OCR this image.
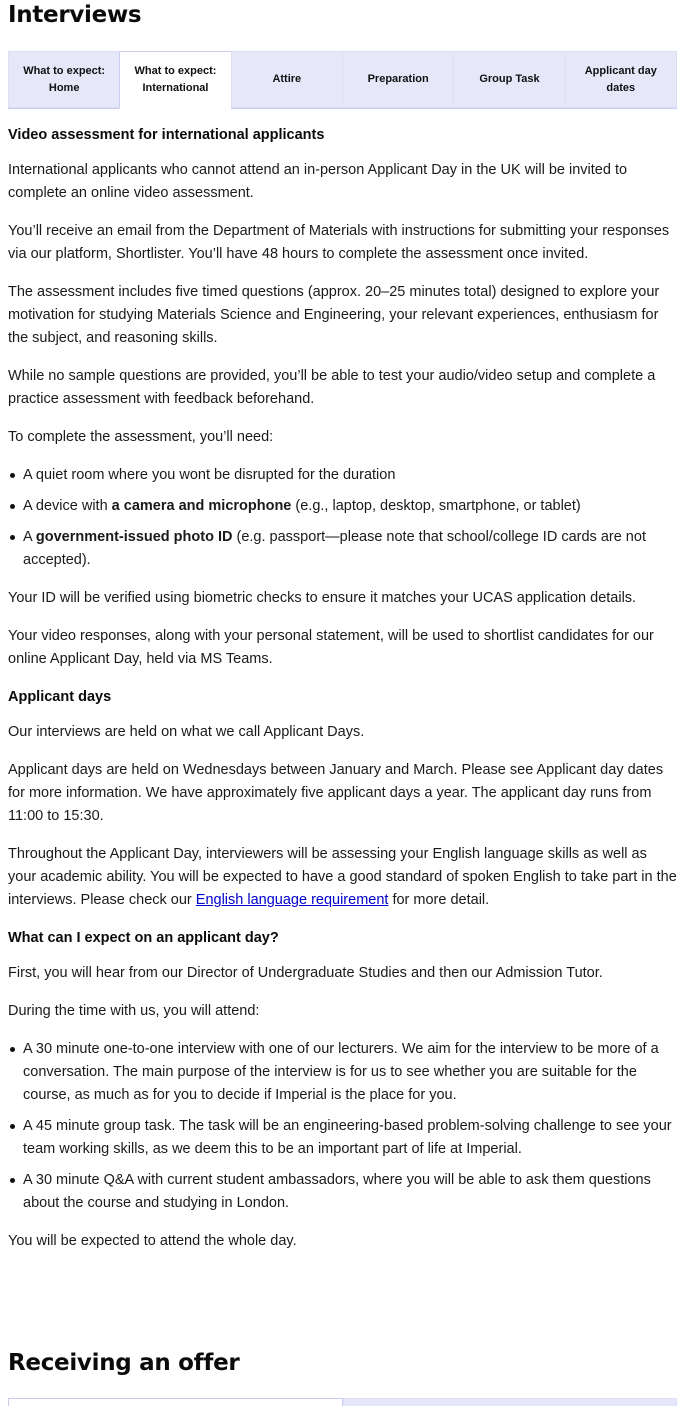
Interviews
What to expect:
Home
What to expect:
International
Attire	Preparation	Group Task
Applicant day
dates
Video assessment for international applicants

International applicants who cannot attend an in-person Applicant Day in the UK will be invited to complete an online video assessment.

You’ll receive an email from the Department of Materials with instructions for submitting your responses via our platform, Shortlister. You’ll have 48 hours to complete the assessment once invited.

The assessment includes five timed questions (approx. 20–25 minutes total) designed to explore your motivation for studying Materials Science and Engineering, your relevant experiences, enthusiasm for the subject, and reasoning skills.

While no sample questions are provided, you’ll be able to test your audio/video setup and complete a practice assessment with feedback beforehand.

To complete the assessment, you’ll need:

A quiet room where you wont be disrupted for the duration
A device with a camera and microphone (e.g., laptop, desktop, smartphone, or tablet)
A government-issued photo ID (e.g. passport—please note that school/college ID cards are not accepted).

Your ID will be verified using biometric checks to ensure it matches your UCAS application details.

Your video responses, along with your personal statement, will be used to shortlist candidates for our online Applicant Day, held via MS Teams.

Applicant days

Our interviews are held on what we call Applicant Days.

Applicant days are held on Wednesdays between January and March. Please see Applicant day dates for more information. We have approximately five applicant days a year. The applicant day runs from 11:00 to 15:30.

Throughout the Applicant Day, interviewers will be assessing your English language skills as well as your academic ability. You will be expected to have a good standard of spoken English to take part in the interviews. Please check our English language requirement for more detail.

What can I expect on an applicant day?

First, you will hear from our Director of Undergraduate Studies and then our Admission Tutor.

During the time with us, you will attend:

A 30 minute one-to-one interview with one of our lecturers. We aim for the interview to be more of a conversation. The main purpose of the interview is for us to see whether you are suitable for the course, as much as for you to decide if Imperial is the place for you.
A 45 minute group task. The task will be an engineering-based problem-solving challenge to see your team working skills, as we deem this to be an important part of life at Imperial.
A 30 minute Q&A with current student ambassadors, where you will be able to ask them questions about the course and studying in London.

You will be expected to attend the whole day.

Receiving an offer
